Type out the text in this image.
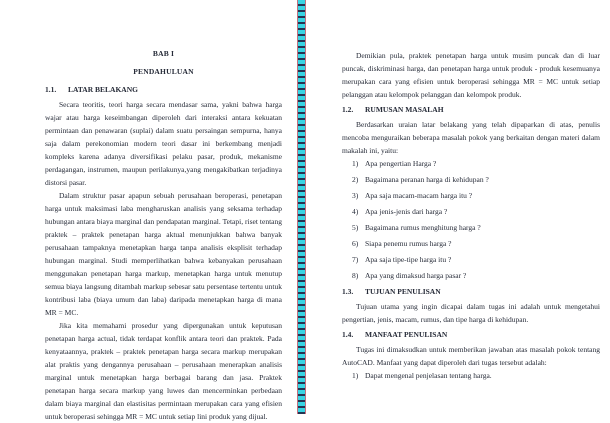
BAB I

PENDAHULUAN

1.1.	LATAR BELAKANG

Secara teoritis, teori harga secara mendasar sama, yakni bahwa harga wajar atau harga keseimbangan diperoleh dari interaksi antara kekuatan permintaan dan penawaran (suplai) dalam suatu persaingan sempurna, hanya saja dalam perekonomian modern teori dasar ini berkembang menjadi kompleks karena adanya diversifikasi pelaku pasar, produk, mekanisme perdagangan, instrumen, maupun perilakunya,yang mengakibatkan terjadinya distorsi pasar.

Dalam struktur pasar apapun sebuah perusahaan beroperasi, penetapan harga untuk maksimasi laba mengharuskan analisis yang seksama terhadap hubungan antara biaya marginal dan pendapatan marginal. Tetapi, riset tentang praktek – praktek penetapan harga aktual menunjukkan bahwa banyak perusahaan tampaknya menetapkan harga tanpa analisis eksplisit terhadap hubungan marginal. Studi memperlihatkan bahwa kebanyakan perusahaan menggunakan penetapan harga markup, menetapkan harga untuk menutup semua biaya langsung ditambah markup sebesar satu persentase tertentu untuk kontribusi laba (biaya umum dan laba) daripada menetapkan harga di mana MR = MC.

Jika kita memahami prosedur yang dipergunakan untuk keputusan penetapan harga actual, tidak terdapat konflik antara teori dan praktek. Pada kenyataannya, praktek – praktek penetapan harga secara markup merupakan alat praktis yang dengannya perusahaan – perusahaan menerapkan analisis marginal untuk menetapkan harga berbagai barang dan jasa. Praktek penetapan harga secara markup yang luwes dan mencerminkan perbedaan dalam biaya marginal dan elastisitas permintaan merupakan cara yang efisien untuk beroperasi sehingga MR = MC untuk setiap lini produk yang dijual.

Demikian pula, praktek penetapan harga untuk musim puncak dan di luar puncak, diskriminasi harga, dan penetapan harga untuk produk - produk kesemuanya merupakan cara yang efisien untuk beroperasi sehingga MR = MC untuk setiap pelanggan atau kelompok pelanggan dan kelompok produk.

1.2.	RUMUSAN MASALAH

Berdasarkan uraian latar belakang yang telah dipaparkan di atas, penulis mencoba menguraikan beberapa masalah pokok yang berkaitan dengan materi dalam makalah ini, yaitu:

1) Apa pengertian Harga ?
2) Bagaimana peranan harga di kehidupan ?
3) Apa saja macam-macam harga itu ?
4) Apa jenis-jenis dari harga ?
5) Bagaimana rumus menghitung harga ?
6) Siapa penemu rumus harga ?
7) Apa saja tipe-tipe harga itu ?
8) Apa yang dimaksud harga pasar ?
1.3.	TUJUAN PENULISAN

Tujuan utama yang ingin dicapai dalam tugas ini adalah untuk mengetahui pengertian, jenis, macam, rumus, dan tipe harga di kehidupan.

1.4.	MANFAAT PENULISAN

Tugas ini dimaksudkan untuk memberikan jawaban atas masalah pokok tentang AutoCAD. Manfaat yang dapat diperoleh dari tugas tersebut adalah:

1) Dapat mengenal penjelasan tentang harga.
